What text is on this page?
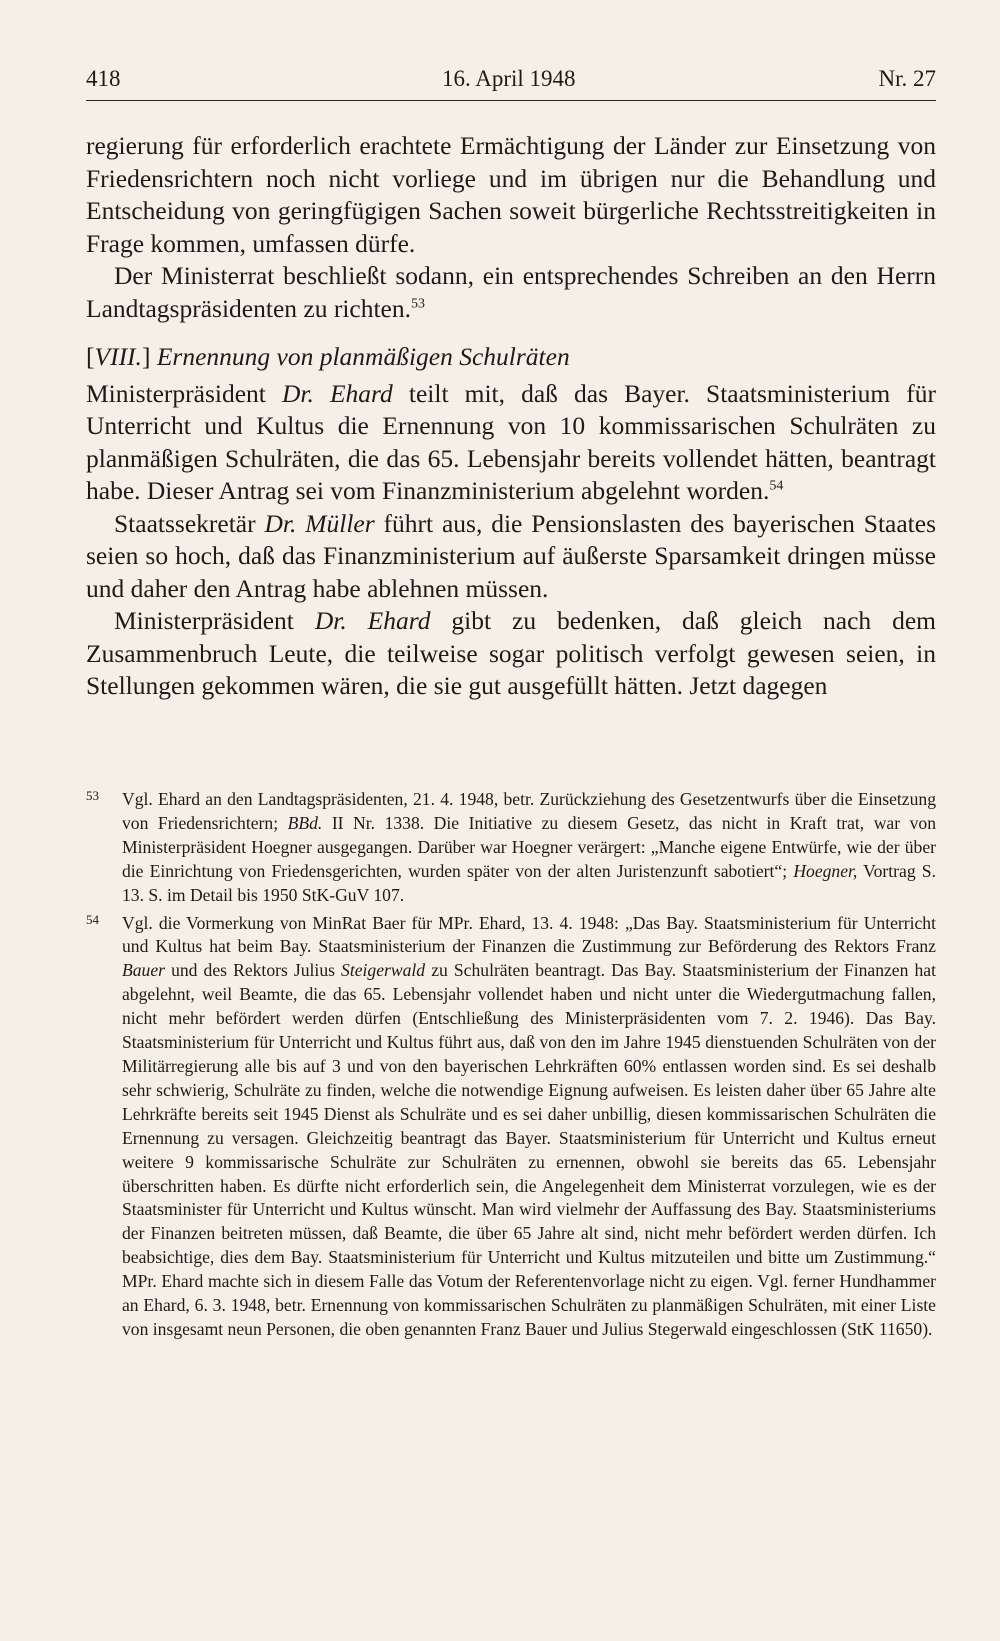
418	16. April 1948	Nr. 27

regierung für erforderlich erachtete Ermächtigung der Länder zur Einsetzung von Friedensrichtern noch nicht vorliege und im übrigen nur die Behandlung und Entscheidung von geringfügigen Sachen soweit bürgerliche Rechtsstreitigkeiten in Frage kommen, umfassen dürfe.

Der Ministerrat beschließt sodann, ein entsprechendes Schreiben an den Herrn Landtagspräsidenten zu richten.$^{53}$

[VIII.] Ernennung von planmäßigen Schulräten

Ministerpräsident Dr. Ehard teilt mit, daß das Bayer. Staatsministerium für Unterricht und Kultus die Ernennung von 10 kommissarischen Schulräten zu planmäßigen Schulräten, die das 65. Lebensjahr bereits vollendet hätten, beantragt habe. Dieser Antrag sei vom Finanzministerium abgelehnt worden.$^{54}$

Staatssekretär Dr. Müller führt aus, die Pensionslasten des bayerischen Staates seien so hoch, daß das Finanzministerium auf äußerste Sparsamkeit dringen müsse und daher den Antrag habe ablehnen müssen.

Ministerpräsident Dr. Ehard gibt zu bedenken, daß gleich nach dem Zusammenbruch Leute, die teilweise sogar politisch verfolgt gewesen seien, in Stellungen gekommen wären, die sie gut ausgefüllt hätten. Jetzt dagegen

53 Vgl. Ehard an den Landtagspräsidenten, 21. 4. 1948, betr. Zurückziehung des Gesetzentwurfs über die Einsetzung von Friedensrichtern; BBd. II Nr. 1338. Die Initiative zu diesem Gesetz, das nicht in Kraft trat, war von Ministerpräsident Hoegner ausgegangen. Darüber war Hoegner verärgert: „Manche eigene Entwürfe, wie der über die Einrichtung von Friedensgerichten, wurden später von der alten Juristenzunft sabotiert“; Hoegner, Vortrag S. 13. S. im Detail bis 1950 StK-GuV 107.

54 Vgl. die Vormerkung von MinRat Baer für MPr. Ehard, 13. 4. 1948: „Das Bay. Staatsministerium für Unterricht und Kultus hat beim Bay. Staatsministerium der Finanzen die Zustimmung zur Beförderung des Rektors Franz Bauer und des Rektors Julius Steigerwald zu Schulräten beantragt. Das Bay. Staatsministerium der Finanzen hat abgelehnt, weil Beamte, die das 65. Lebensjahr vollendet haben und nicht unter die Wiedergutmachung fallen, nicht mehr befördert werden dürfen (Entschließung des Ministerpräsidenten vom 7. 2. 1946). Das Bay. Staatsministerium für Unterricht und Kultus führt aus, daß von den im Jahre 1945 dienstuenden Schulräten von der Militärregierung alle bis auf 3 und von den bayerischen Lehrkräften 60% entlassen worden sind. Es sei deshalb sehr schwierig, Schulräte zu finden, welche die notwendige Eignung aufweisen. Es leisten daher über 65 Jahre alte Lehrkräfte bereits seit 1945 Dienst als Schulräte und es sei daher unbillig, diesen kommissarischen Schulräten die Ernennung zu versagen. Gleichzeitig beantragt das Bayer. Staatsministerium für Unterricht und Kultus erneut weitere 9 kommissarische Schulräte zur Schulräten zu ernennen, obwohl sie bereits das 65. Lebensjahr überschritten haben. Es dürfte nicht erforderlich sein, die Angelegenheit dem Ministerrat vorzulegen, wie es der Staatsminister für Unterricht und Kultus wünscht. Man wird vielmehr der Auffassung des Bay. Staatsministeriums der Finanzen beitreten müssen, daß Beamte, die über 65 Jahre alt sind, nicht mehr befördert werden dürfen. Ich beabsichtige, dies dem Bay. Staatsministerium für Unterricht und Kultus mitzuteilen und bitte um Zustimmung.“ MPr. Ehard machte sich in diesem Falle das Votum der Referentenvorlage nicht zu eigen. Vgl. ferner Hundhammer an Ehard, 6. 3. 1948, betr. Ernennung von kommissarischen Schulräten zu planmäßigen Schulräten, mit einer Liste von insgesamt neun Personen, die oben genannten Franz Bauer und Julius Stegerwald eingeschlossen (StK 11650).
